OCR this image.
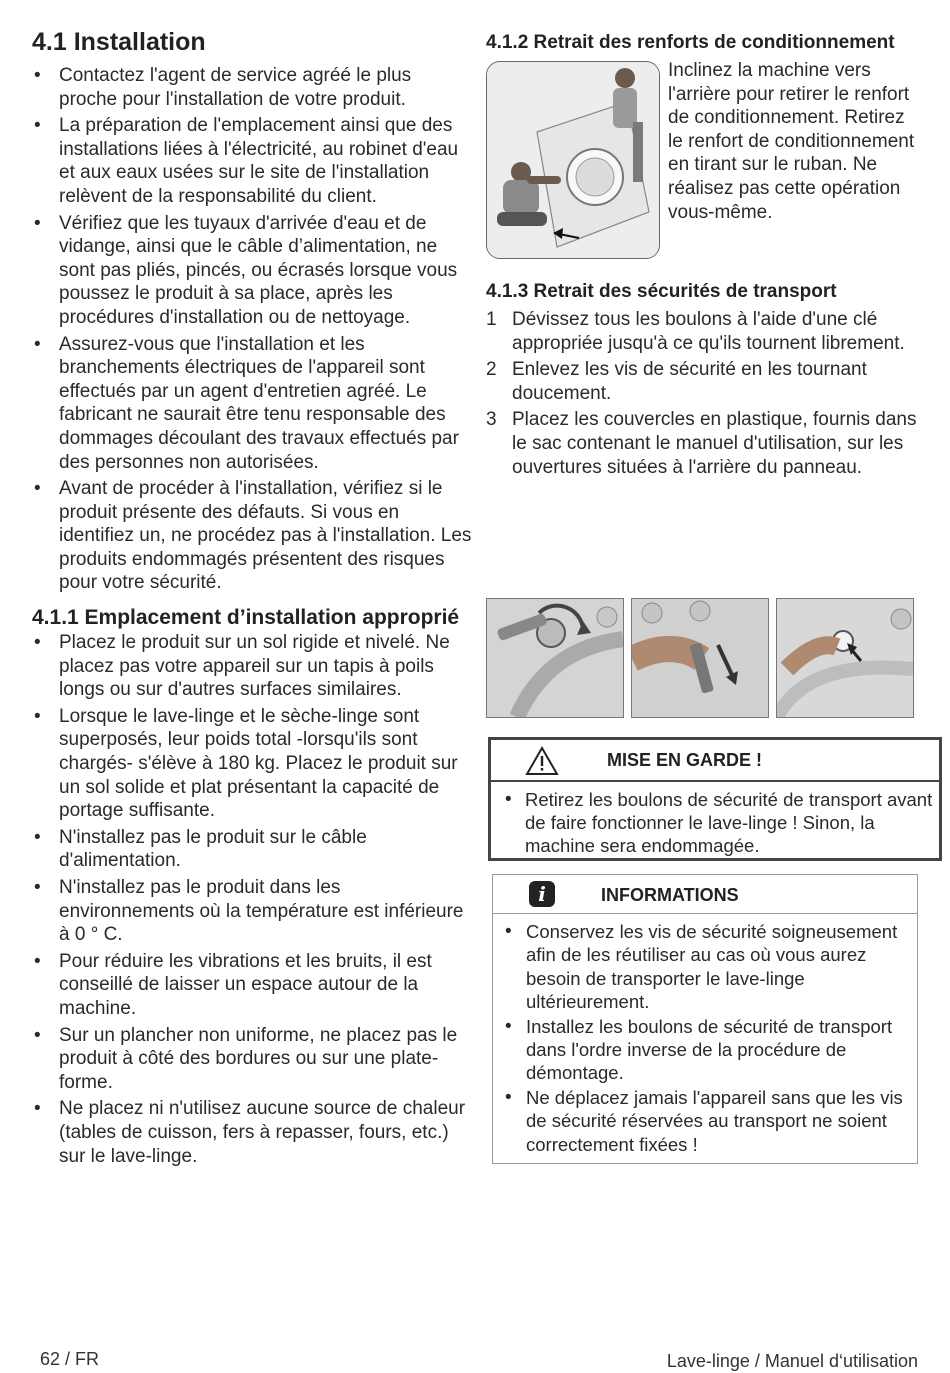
4.1 Installation
• Contactez l'agent de service agréé le plus proche pour l'installation de votre produit.
• La préparation de l'emplacement ainsi que des installations liées à l'électricité, au robinet d'eau et aux eaux usées sur le site de l'installation relèvent de la responsabilité du client.
• Vérifiez que les tuyaux d'arrivée d'eau et de vidange, ainsi que le câble d’alimentation, ne sont pas pliés, pincés, ou écrasés lorsque vous poussez le produit à sa place, après les procédures d'installation ou de nettoyage.
• Assurez-vous que l'installation et les branchements électriques de l'appareil sont effectués par un agent d'entretien agréé. Le fabricant ne saurait être tenu responsable des dommages découlant des travaux effectués par des personnes non autorisées.
• Avant de procéder à l'installation, vérifiez si le produit présente des défauts. Si vous en identifiez un, ne procédez pas à l'installation. Les produits endommagés présentent des risques pour votre sécurité.
4.1.1 Emplacement d’installation approprié
• Placez le produit sur un sol rigide et nivelé. Ne placez pas votre appareil sur un tapis à poils longs ou sur d'autres surfaces similaires.
• Lorsque le lave-linge et le sèche-linge sont superposés, leur poids total -lorsqu'ils sont chargés- s'élève à 180 kg. Placez le produit sur un sol solide et plat présentant la capacité de portage suffisante.
• N'installez pas le produit sur le câble d'alimentation.
• N'installez pas le produit dans les environnements où la température est inférieure à 0 ° C.
• Pour réduire les vibrations et les bruits, il est conseillé de laisser un espace autour de la machine.
• Sur un plancher non uniforme, ne placez pas le produit à côté des bordures ou sur une plate-forme.
• Ne placez ni n'utilisez aucune source de chaleur (tables de cuisson, fers à repasser, fours, etc.) sur le lave-linge.
4.1.2 Retrait des renforts de conditionnement
Inclinez la machine vers l'arrière pour retirer le renfort de conditionnement. Retirez le renfort de conditionnement en tirant sur le ruban. Ne réalisez pas cette opération vous-même.
4.1.3 Retrait des sécurités de transport
1 Dévissez tous les boulons à l'aide d'une clé appropriée jusqu'à ce qu'ils tournent librement.
2 Enlevez les vis de sécurité en les tournant doucement.
3 Placez les couvercles en plastique, fournis dans le sac contenant le manuel d'utilisation, sur les ouvertures situées à l'arrière du panneau.
MISE EN GARDE !
• Retirez les boulons de sécurité de transport avant de faire fonctionner le lave-linge ! Sinon, la machine sera endommagée.
i	INFORMATIONS
• Conservez les vis de sécurité soigneusement afin de les réutiliser au cas où vous aurez besoin de transporter le lave-linge ultérieurement.
• Installez les boulons de sécurité de transport dans l'ordre inverse de la procédure de démontage.
• Ne déplacez jamais l'appareil sans que les vis de sécurité réservées au transport ne soient correctement fixées !
62 / FR	Lave-linge / Manuel d‘utilisation
